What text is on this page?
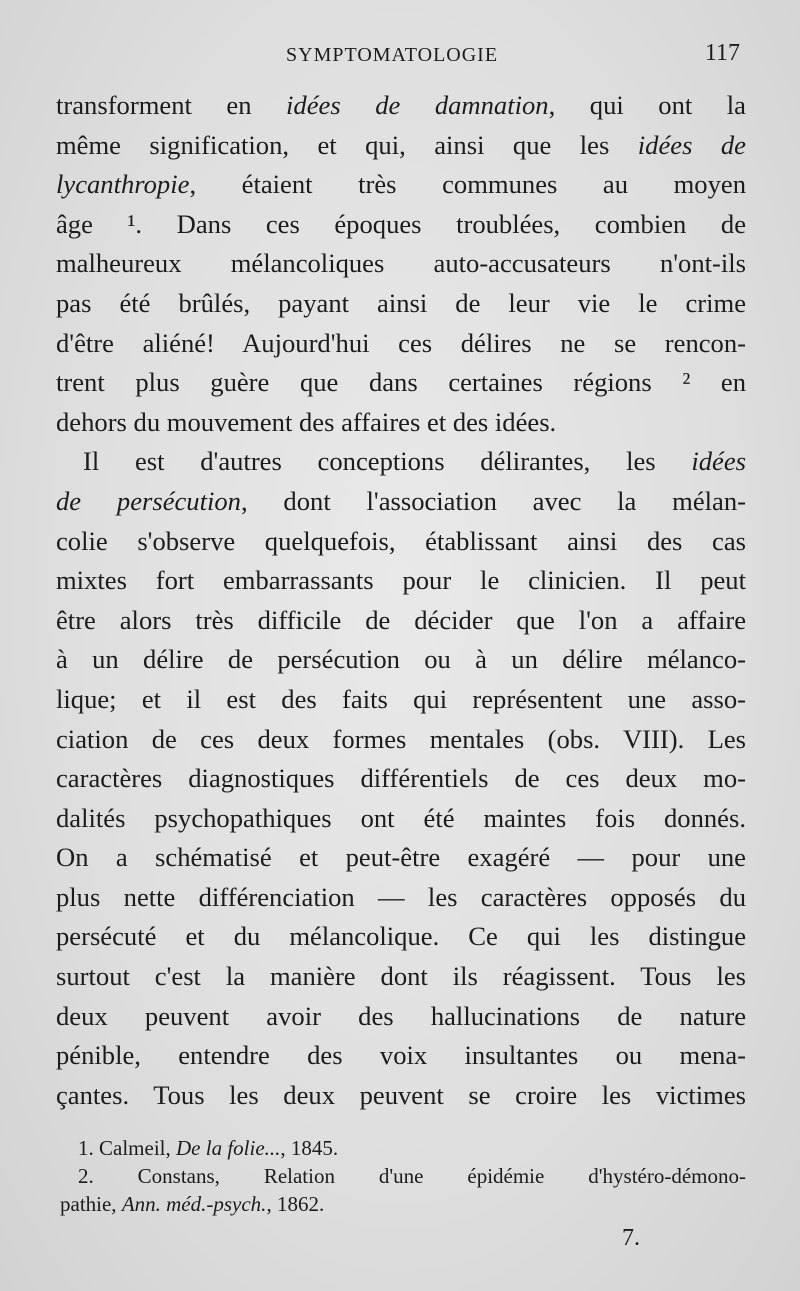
SYMPTOMATOLOGIE	117
transforment en idées de damnation, qui ont la
même signification, et qui, ainsi que les idées de
lycanthropie, étaient très communes au moyen
âge ¹. Dans ces époques troublées, combien de
malheureux mélancoliques auto-accusateurs n'ont-ils
pas été brûlés, payant ainsi de leur vie le crime
d'être aliéné! Aujourd'hui ces délires ne se rencon-
trent plus guère que dans certaines régions ² en
dehors du mouvement des affaires et des idées.
Il est d'autres conceptions délirantes, les idées
de persécution, dont l'association avec la mélan-
colie s'observe quelquefois, établissant ainsi des cas
mixtes fort embarrassants pour le clinicien. Il peut
être alors très difficile de décider que l'on a affaire
à un délire de persécution ou à un délire mélanco-
lique; et il est des faits qui représentent une asso-
ciation de ces deux formes mentales (obs. VIII). Les
caractères diagnostiques différentiels de ces deux mo-
dalités psychopathiques ont été maintes fois donnés.
On a schématisé et peut-être exagéré — pour une
plus nette différenciation — les caractères opposés du
persécuté et du mélancolique. Ce qui les distingue
surtout c'est la manière dont ils réagissent. Tous les
deux peuvent avoir des hallucinations de nature
pénible, entendre des voix insultantes ou mena-
çantes. Tous les deux peuvent se croire les victimes
1. Calmeil, De la folie..., 1845.
2. Constans, Relation d'une épidémie d'hystéro-démono-
pathie, Ann. méd.-psych., 1862.
7.
